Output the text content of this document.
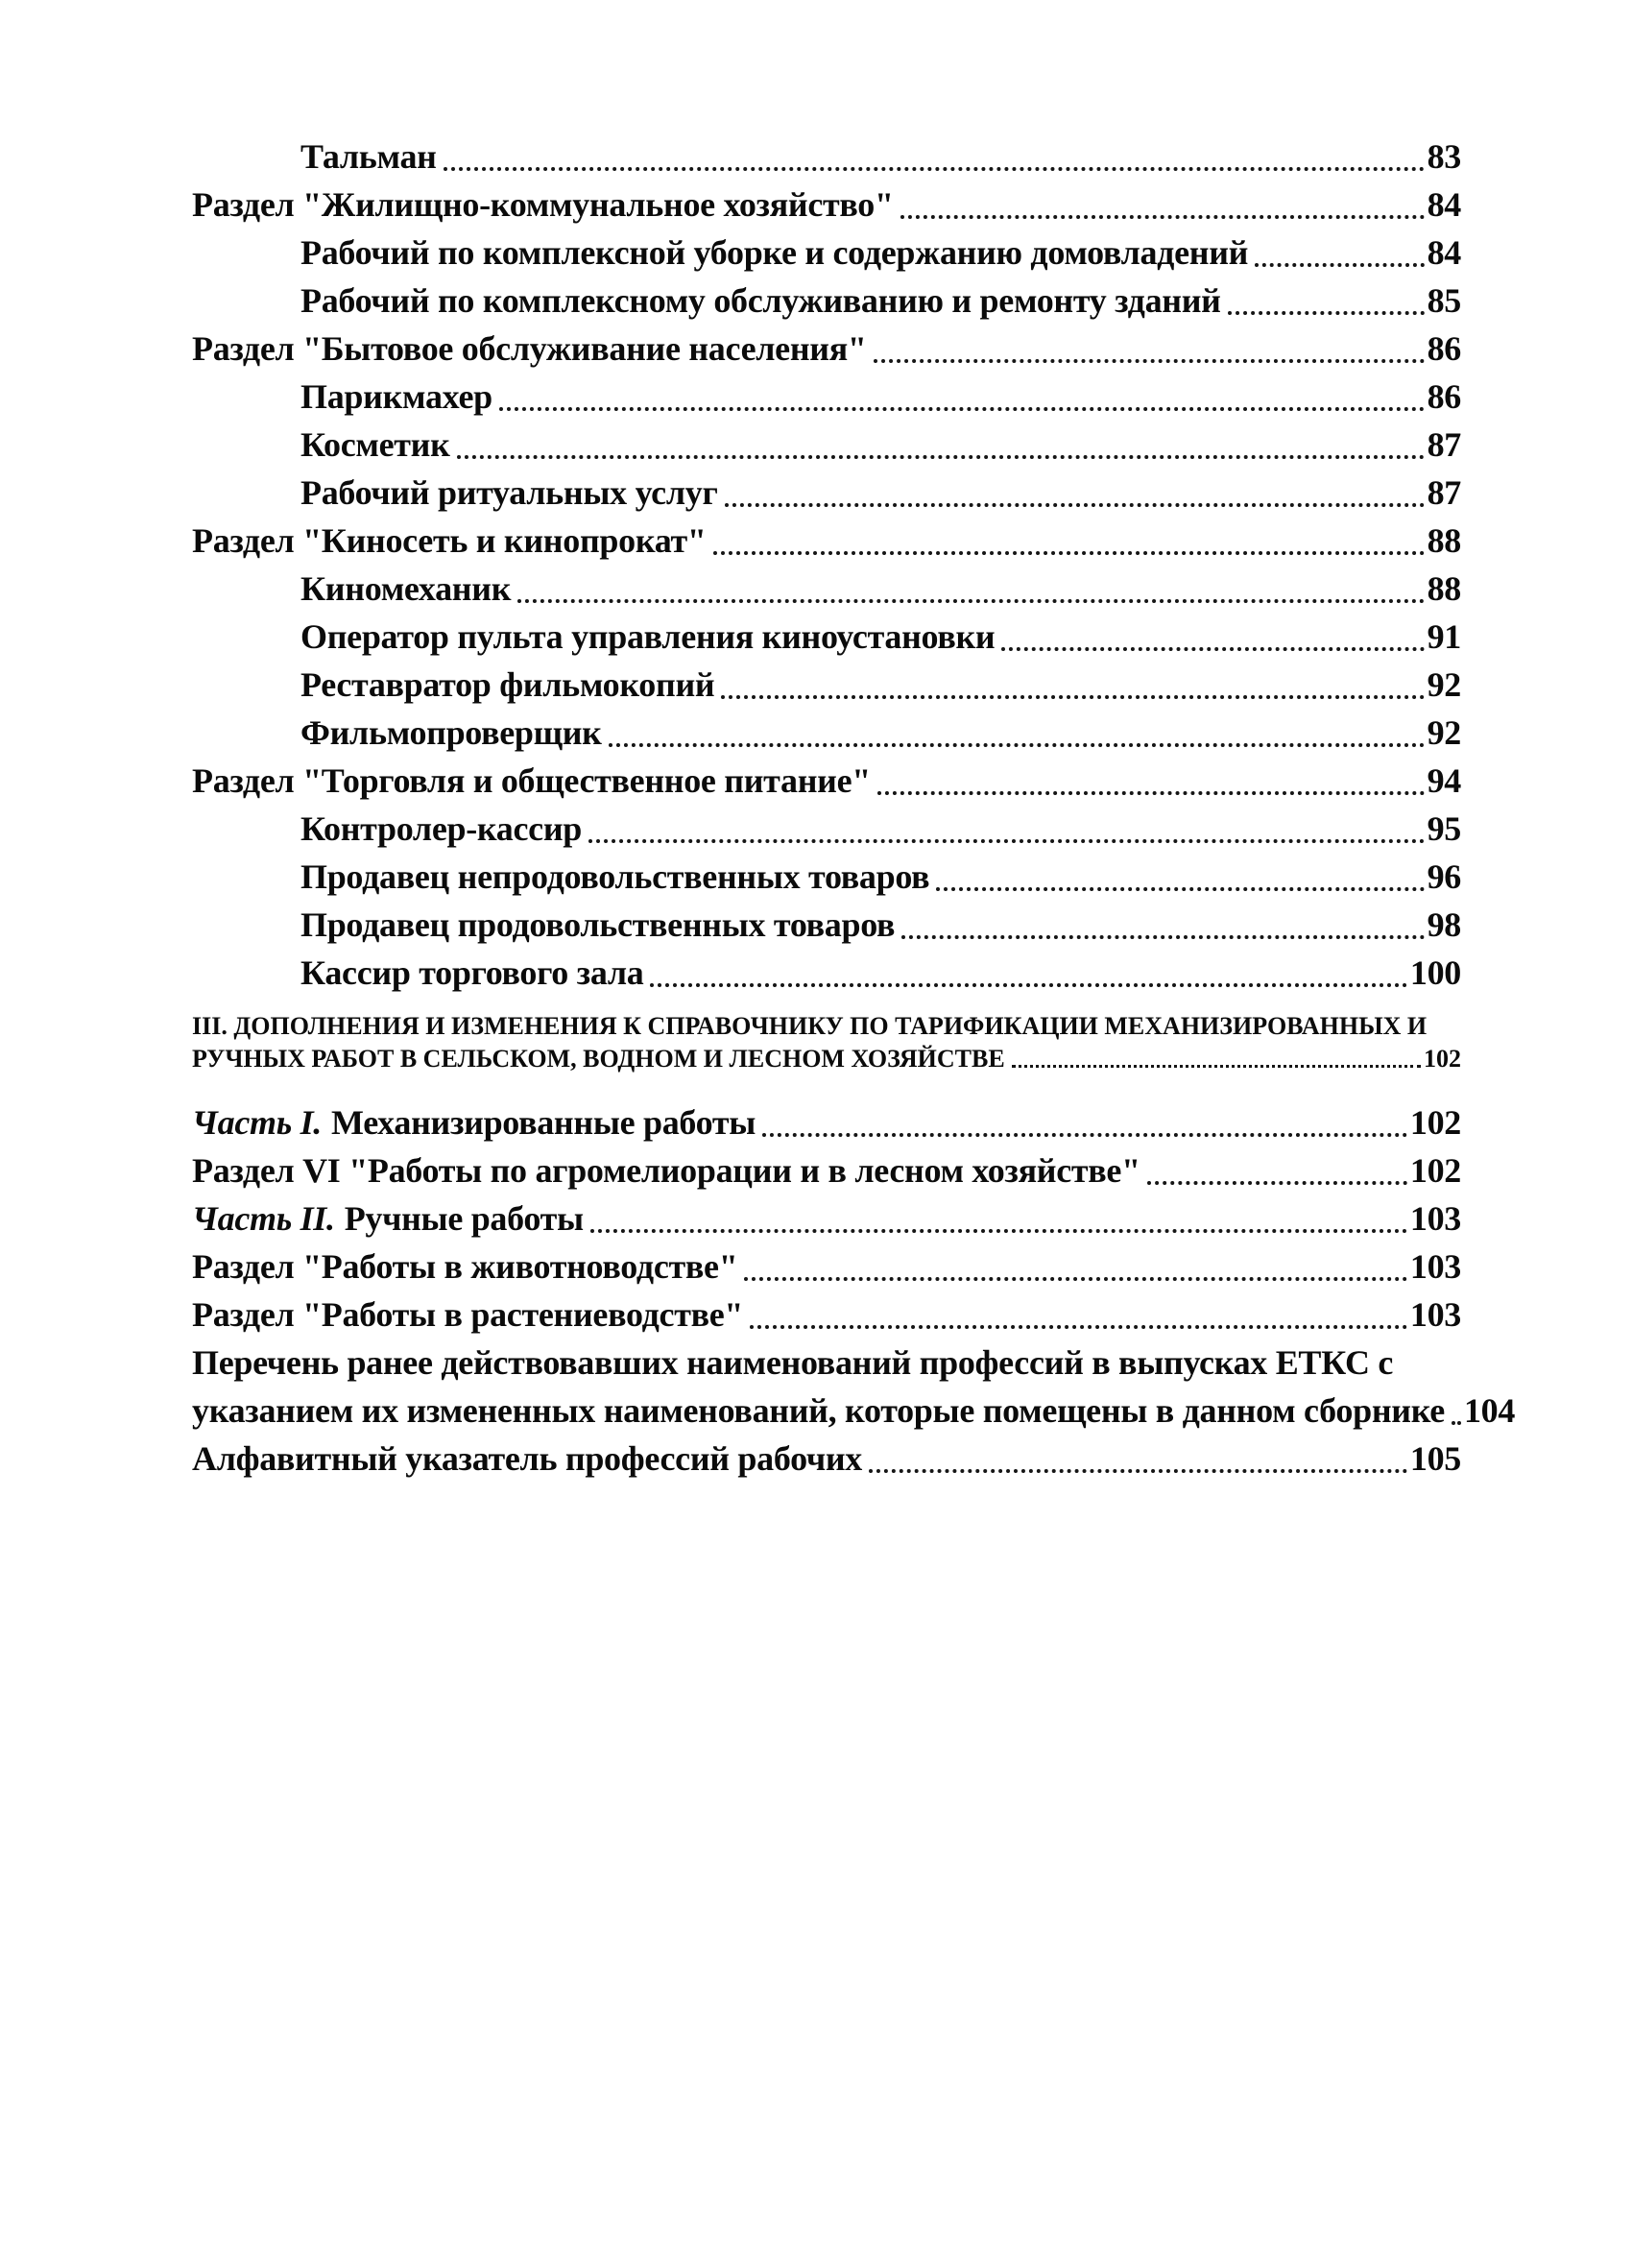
Тальман	83
Раздел "Жилищно-коммунальное хозяйство"	84
Рабочий по комплексной уборке и содержанию домовладений	84
Рабочий по комплексному обслуживанию и ремонту зданий	85
Раздел "Бытовое обслуживание населения"	86
Парикмахер	86
Косметик	87
Рабочий ритуальных услуг	87
Раздел "Киносеть и кинопрокат"	88
Киномеханик	88
Оператор пульта управления киноустановки	91
Реставратор фильмокопий	92
Фильмопроверщик	92
Раздел "Торговля и общественное питание"	94
Контролер-кассир	95
Продавец непродовольственных товаров	96
Продавец продовольственных товаров	98
Кассир торгового зала	100
III. ДОПОЛНЕНИЯ И ИЗМЕНЕНИЯ К СПРАВОЧНИКУ ПО ТАРИФИКАЦИИ МЕХАНИЗИРОВАННЫХ И
РУЧНЫХ РАБОТ В СЕЛЬСКОМ, ВОДНОМ И ЛЕСНОМ ХОЗЯЙСТВЕ	102
Часть I. Механизированные работы	102
Раздел VI "Работы по агромелиорации и в лесном хозяйстве"	102
Часть II. Ручные работы	103
Раздел "Работы в животноводстве"	103
Раздел "Работы в растениеводстве"	103
Перечень ранее действовавших наименований профессий в выпусках ЕТКС с
указанием их измененных наименований, которые помещены в данном сборнике 104
Алфавитный указатель профессий рабочих	105
